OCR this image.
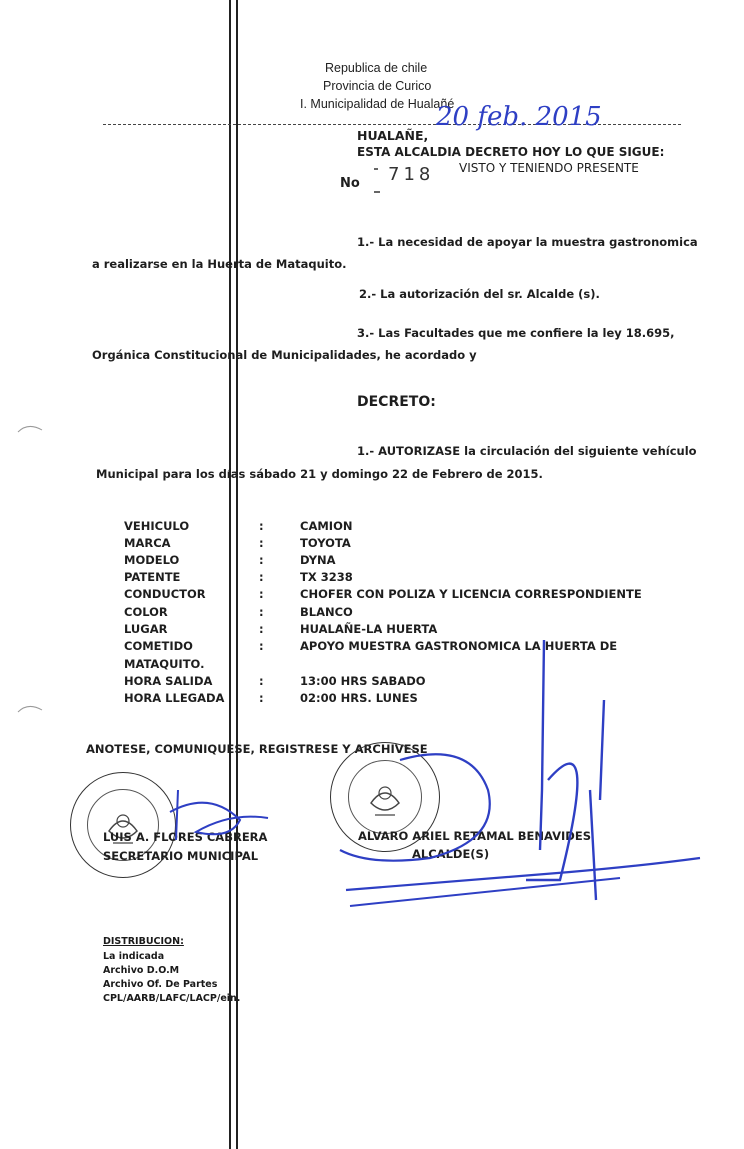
Republica de chile
Provincia de Curico
I. Municipalidad de Hualañé
HUALAÑE,
20 feb. 2015
ESTA ALCALDIA DECRETO HOY LO QUE SIGUE:
No 718 VISTO Y TENIENDO PRESENTE
1.- La necesidad de apoyar la muestra gastronomica
a realizarse en la Huerta de Mataquito.
2.- La autorización del sr. Alcalde (s).
3.- Las Facultades que me confiere la ley 18.695,
Orgánica Constitucional de Municipalidades, he acordado y
DECRETO:
1.- AUTORIZASE la circulación del siguiente vehículo
Municipal para los días sábado 21 y domingo 22 de Febrero de 2015.
VEHICULO	:	CAMION
MARCA	:	TOYOTA
MODELO	:	DYNA
PATENTE	:	TX 3238
CONDUCTOR	:	CHOFER CON POLIZA Y LICENCIA CORRESPONDIENTE
COLOR	:	BLANCO
LUGAR	:	HUALAÑE-LA HUERTA
COMETIDO	:	APOYO MUESTRA GASTRONOMICA LA HUERTA DE
MATAQUITO.
HORA SALIDA	:	13:00 HRS SABADO
HORA LLEGADA	:	02:00 HRS. LUNES
ANOTESE, COMUNIQUESE, REGISTRESE Y ARCHIVESE
LUIS A. FLORES CABRERA
SECRETARIO MUNICIPAL
ALVARO ARIEL RETAMAL BENAVIDES
ALCALDE(S)
DISTRIBUCION:
La indicada
Archivo D.O.M
Archivo Of. De Partes
CPL/AARB/LAFC/LACP/ein.
